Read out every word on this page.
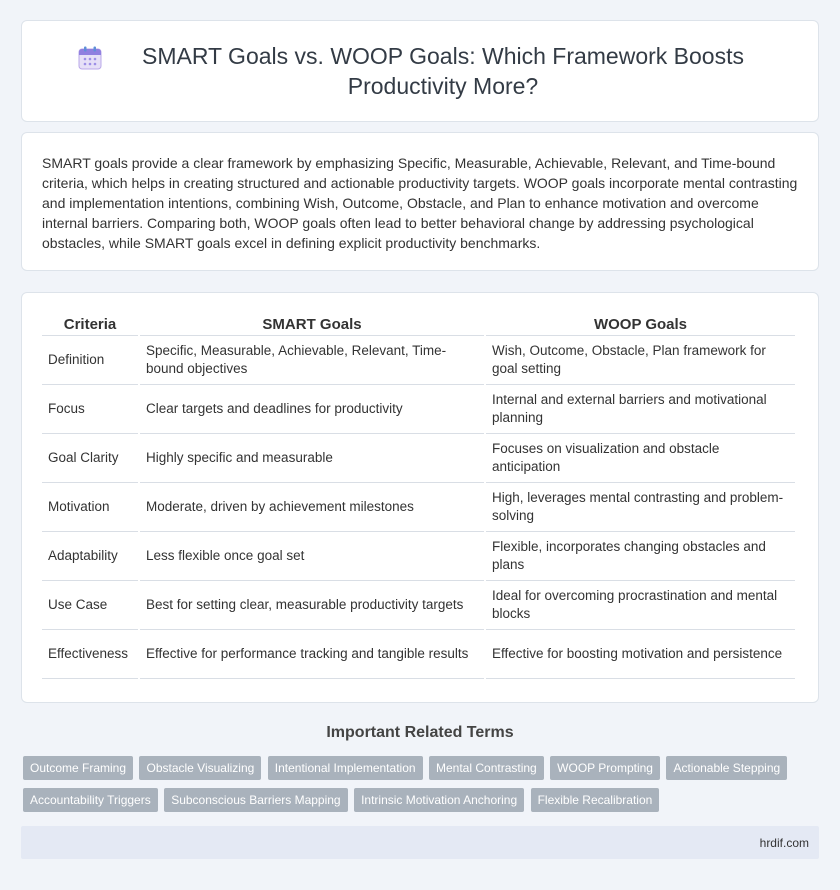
SMART Goals vs. WOOP Goals: Which Framework Boosts Productivity More?

SMART goals provide a clear framework by emphasizing Specific, Measurable, Achievable, Relevant, and Time-bound criteria, which helps in creating structured and actionable productivity targets. WOOP goals incorporate mental contrasting and implementation intentions, combining Wish, Outcome, Obstacle, and Plan to enhance motivation and overcome internal barriers. Comparing both, WOOP goals often lead to better behavioral change by addressing psychological obstacles, while SMART goals excel in defining explicit productivity benchmarks.

Criteria	SMART Goals	WOOP Goals
Definition	Specific, Measurable, Achievable, Relevant, Time-bound objectives	Wish, Outcome, Obstacle, Plan framework for goal setting
Focus	Clear targets and deadlines for productivity	Internal and external barriers and motivational planning
Goal Clarity	Highly specific and measurable	Focuses on visualization and obstacle anticipation
Motivation	Moderate, driven by achievement milestones	High, leverages mental contrasting and problem-solving
Adaptability	Less flexible once goal set	Flexible, incorporates changing obstacles and plans
Use Case	Best for setting clear, measurable productivity targets	Ideal for overcoming procrastination and mental blocks
Effectiveness	Effective for performance tracking and tangible results	Effective for boosting motivation and persistence
Important Related Terms
Outcome Framing Obstacle Visualizing Intentional Implementation Mental Contrasting WOOP Prompting Actionable Stepping
Accountability Triggers Subconscious Barriers Mapping Intrinsic Motivation Anchoring Flexible Recalibration
hrdif.com
